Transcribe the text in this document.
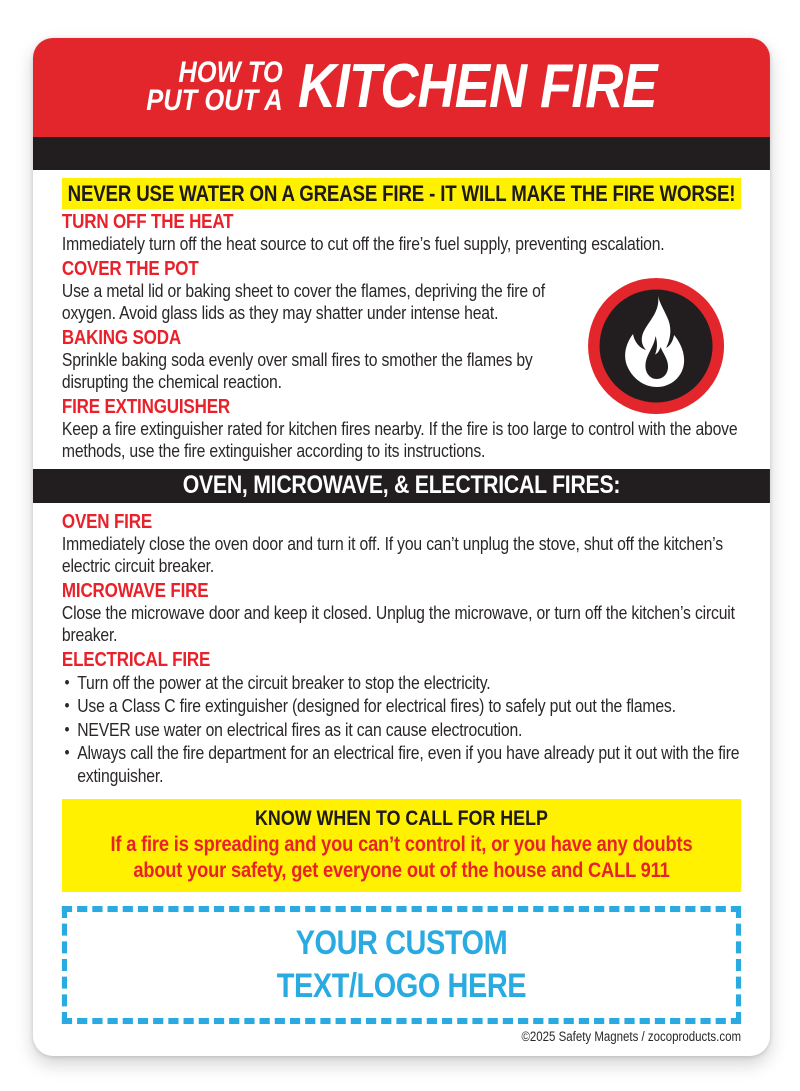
HOW TO
PUT OUT A KITCHEN FIRE
NEVER USE WATER ON A GREASE FIRE - IT WILL MAKE THE FIRE WORSE!
TURN OFF THE HEAT

Immediately turn off the heat source to cut off the fire’s fuel supply, preventing escalation.

COVER THE POT

Use a metal lid or baking sheet to cover the flames, depriving the fire of oxygen. Avoid glass lids as they may shatter under intense heat.

BAKING SODA

Sprinkle baking soda evenly over small fires to smother the flames by disrupting the chemical reaction.

FIRE EXTINGUISHER

Keep a fire extinguisher rated for kitchen fires nearby. If the fire is too large to control with the above methods, use the fire extinguisher according to its instructions.

OVEN, MICROWAVE, & ELECTRICAL FIRES:
OVEN FIRE

Immediately close the oven door and turn it off. If you can’t unplug the stove, shut off the kitchen’s electric circuit breaker.

MICROWAVE FIRE

Close the microwave door and keep it closed. Unplug the microwave, or turn off the kitchen’s circuit breaker.

ELECTRICAL FIRE
• Turn off the power at the circuit breaker to stop the electricity.
• Use a Class C fire extinguisher (designed for electrical fires) to safely put out the flames.
• NEVER use water on electrical fires as it can cause electrocution.
• Always call the fire department for an electrical fire, even if you have already put it out with the fire extinguisher.
KNOW WHEN TO CALL FOR HELP
If a fire is spreading and you can’t control it, or you have any doubts
about your safety, get everyone out of the house and CALL 911
YOUR CUSTOM
TEXT/LOGO HERE
©2025 Safety Magnets / zocoproducts.com
